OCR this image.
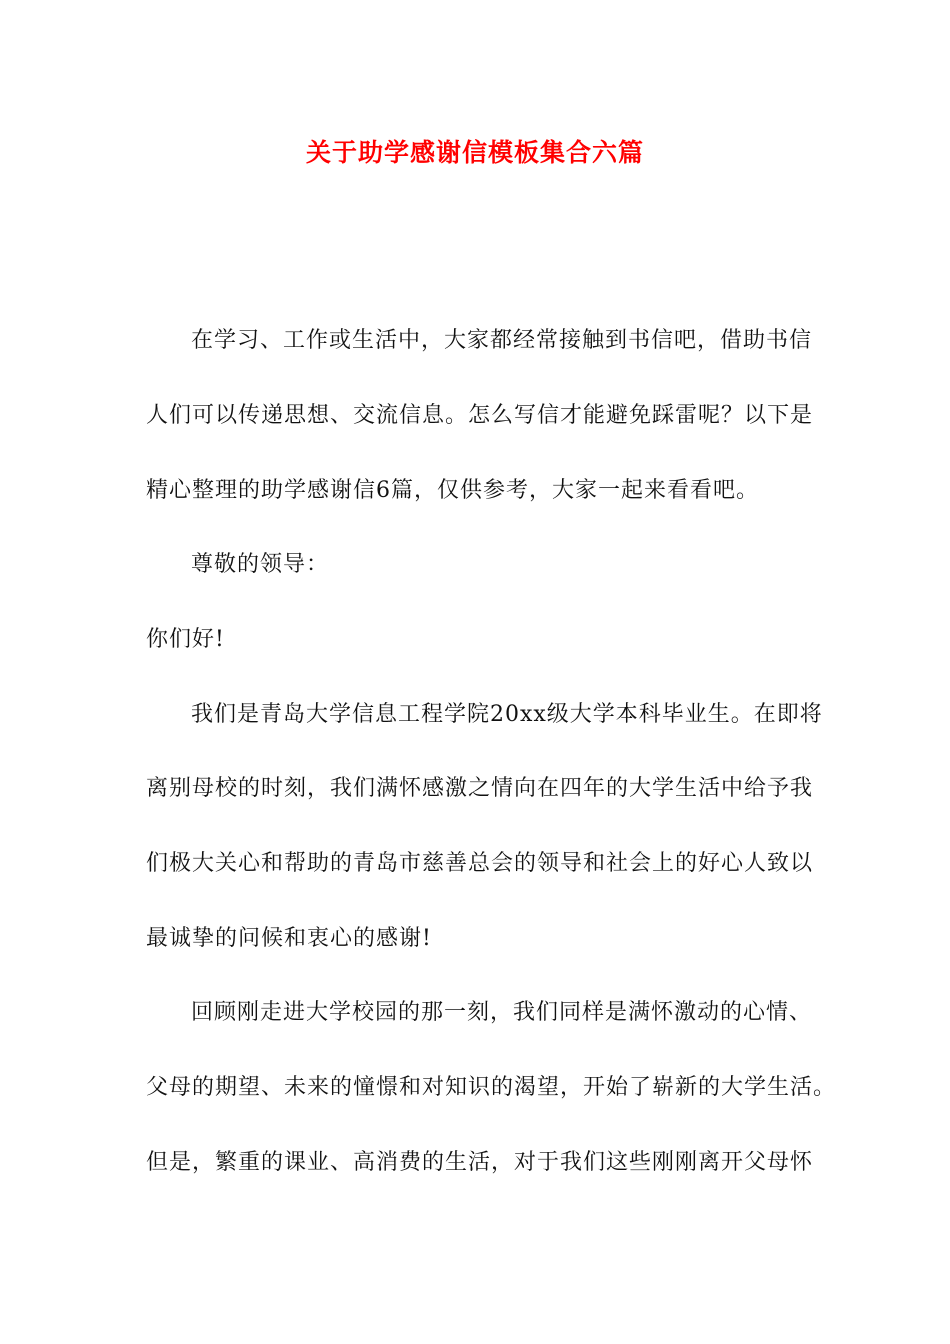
关于助学感谢信模板集合六篇
在学习、工作或生活中，大家都经常接触到书信吧，借助书信
人们可以传递思想、交流信息。怎么写信才能避免踩雷呢？以下是
精心整理的助学感谢信6篇，仅供参考，大家一起来看看吧。
尊敬的领导：
你们好!
我们是青岛大学信息工程学院20xx级大学本科毕业生。在即将
离别母校的时刻，我们满怀感激之情向在四年的大学生活中给予我
们极大关心和帮助的青岛市慈善总会的领导和社会上的好心人致以
最诚挚的问候和衷心的感谢!
回顾刚走进大学校园的那一刻，我们同样是满怀激动的心情、
父母的期望、未来的憧憬和对知识的渴望，开始了崭新的大学生活。
但是，繁重的课业、高消费的生活，对于我们这些刚刚离开父母怀
